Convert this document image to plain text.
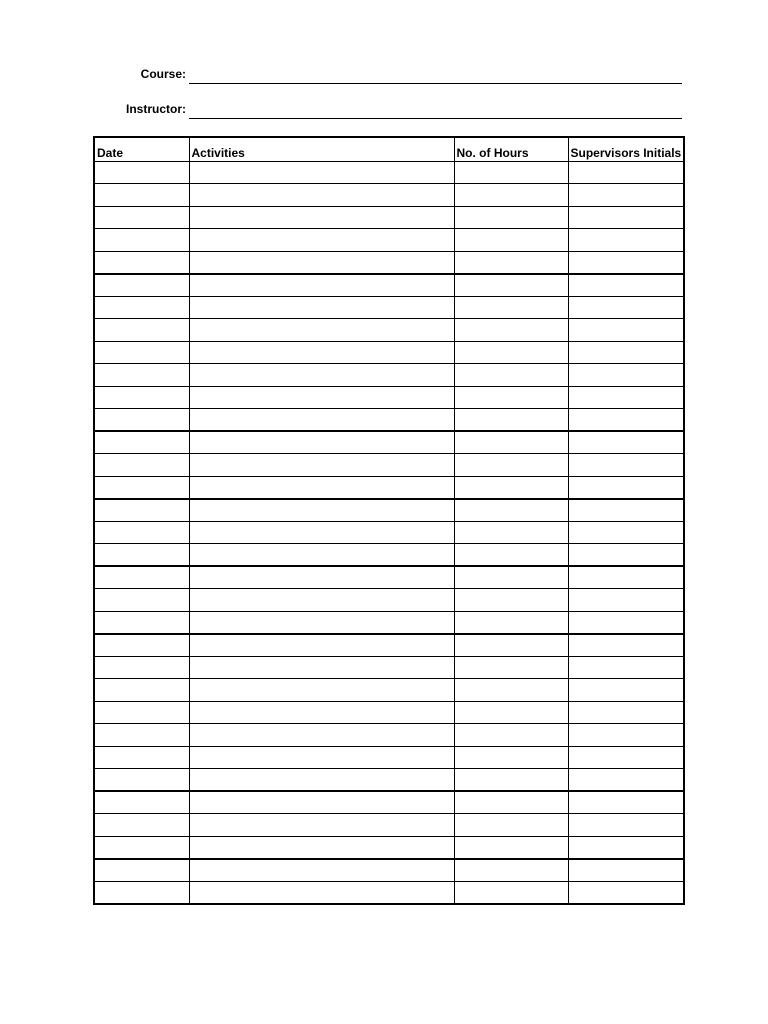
Course:
Instructor:
Date	Activities	No. of Hours	Supervisors Initials
